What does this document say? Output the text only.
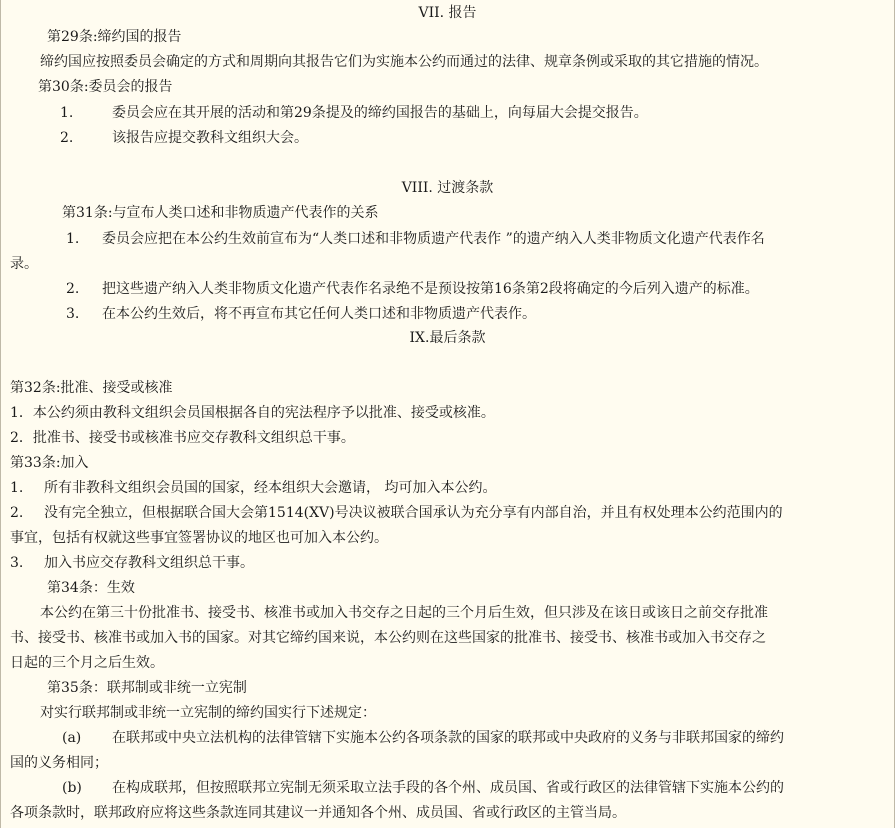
VII. 报告
第29条:缔约国的报告
缔约国应按照委员会确定的方式和周期向其报告它们为实施本公约而通过的法律、规章条例或采取的其它措施的情况。
第30条:委员会的报告
1.	委员会应在其开展的活动和第29条提及的缔约国报告的基础上，向每届大会提交报告。
2.	该报告应提交教科文组织大会。
VIII. 过渡条款
第31条:与宣布人类口述和非物质遗产代表作的关系
1. 委员会应把在本公约生效前宣布为“人类口述和非物质遗产代表作 ”的遗产纳入人类非物质文化遗产代表作名
录。
2. 把这些遗产纳入人类非物质文化遗产代表作名录绝不是预设按第16条第2段将确定的今后列入遗产的标准。
3. 在本公约生效后，将不再宣布其它任何人类口述和非物质遗产代表作。
IX.最后条款
第32条:批准、接受或核准
1．本公约须由教科文组织会员国根据各自的宪法程序予以批准、接受或核准。
2．批准书、接受书或核准书应交存教科文组织总干事。
第33条:加入
1. 所有非教科文组织会员国的国家，经本组织大会邀请， 均可加入本公约。
2. 没有完全独立，但根据联合国大会第1514(XV)号决议被联合国承认为充分享有内部自治，并且有权处理本公约范围内的
事宜，包括有权就这些事宜签署协议的地区也可加入本公约。
3. 加入书应交存教科文组织总干事。
第34条：生效
本公约在第三十份批准书、接受书、核准书或加入书交存之日起的三个月后生效，但只涉及在该日或该日之前交存批准
书、接受书、核准书或加入书的国家。对其它缔约国来说，本公约则在这些国家的批准书、接受书、核准书或加入书交存之
日起的三个月之后生效。
第35条：联邦制或非统一立宪制
对实行联邦制或非统一立宪制的缔约国实行下述规定：
(a) 在联邦或中央立法机构的法律管辖下实施本公约各项条款的国家的联邦或中央政府的义务与非联邦国家的缔约
国的义务相同；
(b) 在构成联邦，但按照联邦立宪制无须采取立法手段的各个州、成员国、省或行政区的法律管辖下实施本公约的
各项条款时，联邦政府应将这些条款连同其建议一并通知各个州、成员国、省或行政区的主管当局。
